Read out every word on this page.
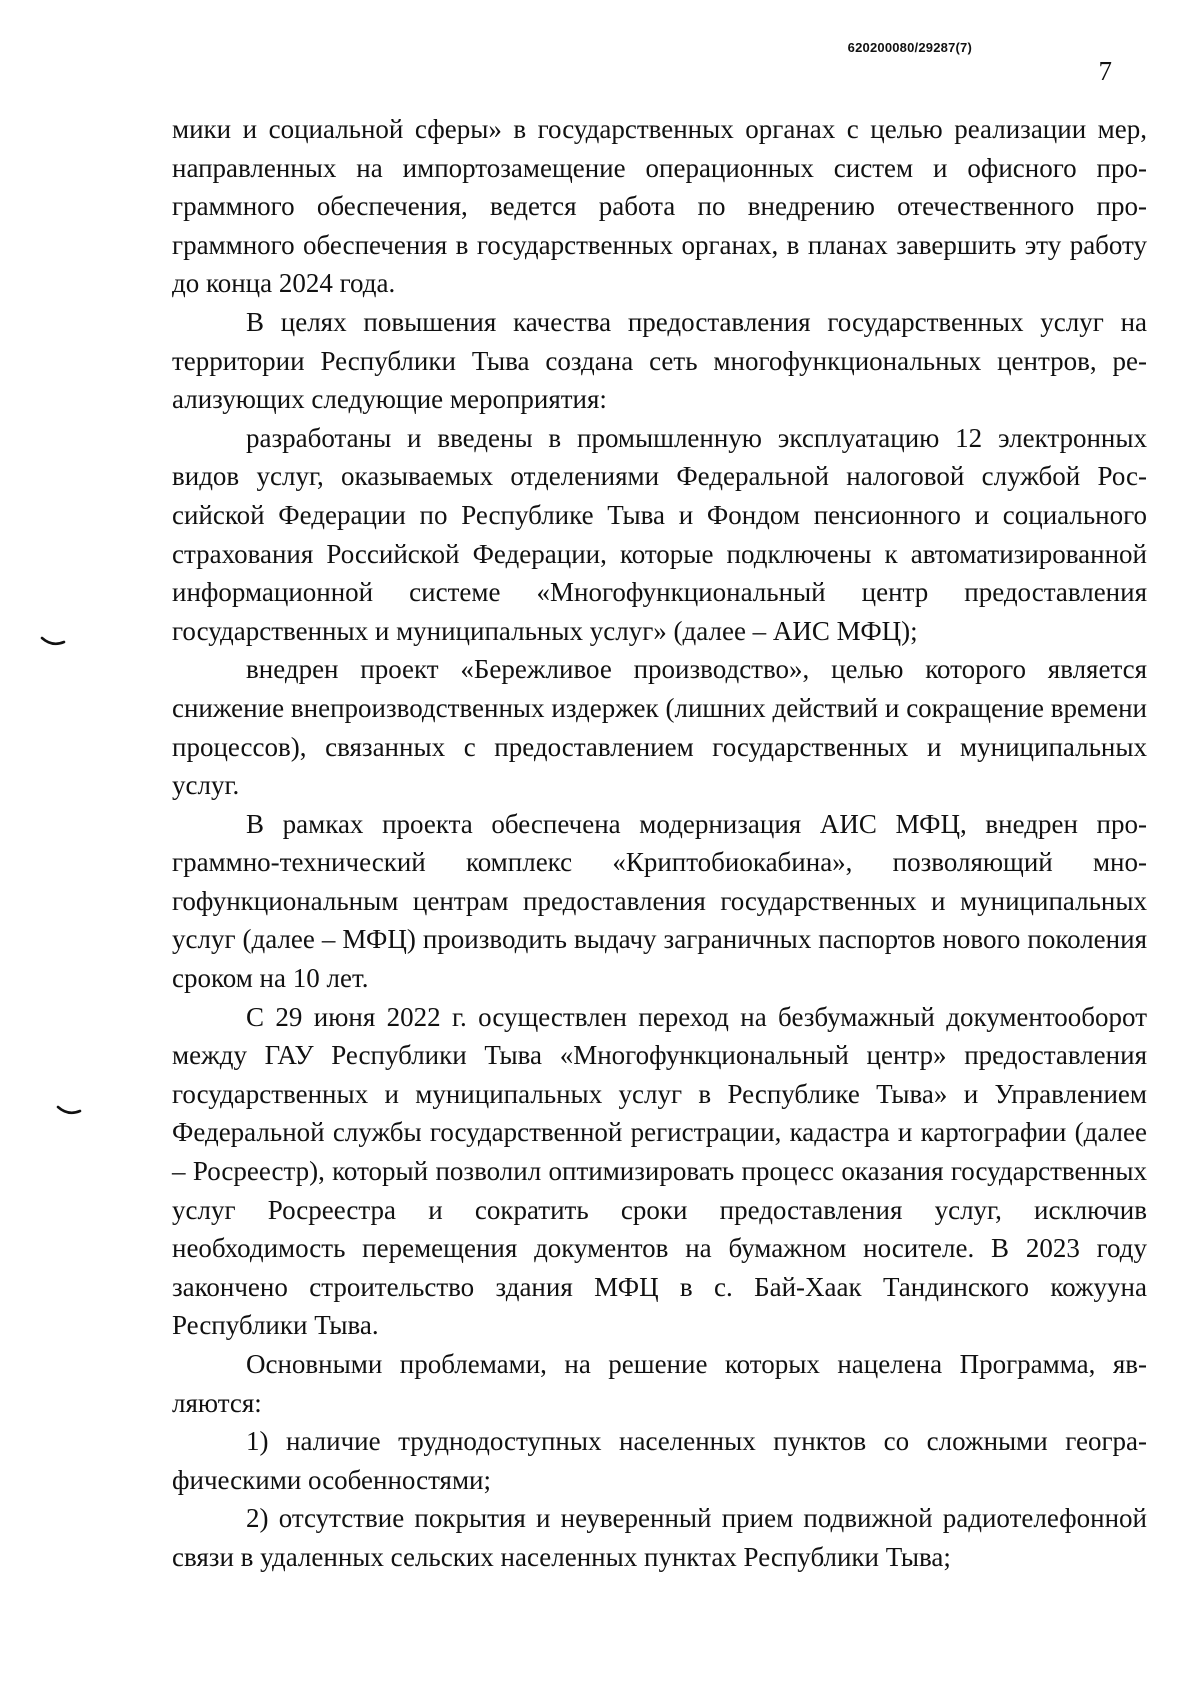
620200080/29287(7)
7

мики и социальной сферы» в государственных органах с целью реализации мер, направленных на импортозамещение операционных систем и офисного программного обеспечения, ведется работа по внедрению отечественного программного обеспечения в государственных органах, в планах завершить эту работу до конца 2024 года.

В целях повышения качества предоставления государственных услуг на территории Республики Тыва создана сеть многофункциональных центров, реализующих следующие мероприятия:

разработаны и введены в промышленную эксплуатацию 12 электронных видов услуг, оказываемых отделениями Федеральной налоговой службой Российской Федерации по Республике Тыва и Фондом пенсионного и социального страхования Российской Федерации, которые подключены к автоматизированной информационной системе «Многофункциональный центр предоставления государственных и муниципальных услуг» (далее – АИС МФЦ);

внедрен проект «Бережливое производство», целью которого является снижение внепроизводственных издержек (лишних действий и сокращение времени процессов), связанных с предоставлением государственных и муниципальных услуг.

В рамках проекта обеспечена модернизация АИС МФЦ, внедрен программно-технический комплекс «Криптобиокабина», позволяющий многофункциональным центрам предоставления государственных и муниципальных услуг (далее – МФЦ) производить выдачу заграничных паспортов нового поколения сроком на 10 лет.

С 29 июня 2022 г. осуществлен переход на безбумажный документооборот между ГАУ Республики Тыва «Многофункциональный центр» предоставления государственных и муниципальных услуг в Республике Тыва» и Управлением Федеральной службы государственной регистрации, кадастра и картографии (далее – Росреестр), который позволил оптимизировать процесс оказания государственных услуг Росреестра и сократить сроки предоставления услуг, исключив необходимость перемещения документов на бумажном носителе. В 2023 году закончено строительство здания МФЦ в с. Бай-Хаак Тандинского кожууна Республики Тыва.

Основными проблемами, на решение которых нацелена Программа, являются:

1) наличие труднодоступных населенных пунктов со сложными географическими особенностями;

2) отсутствие покрытия и неуверенный прием подвижной радиотелефонной связи в удаленных сельских населенных пунктах Республики Тыва;
